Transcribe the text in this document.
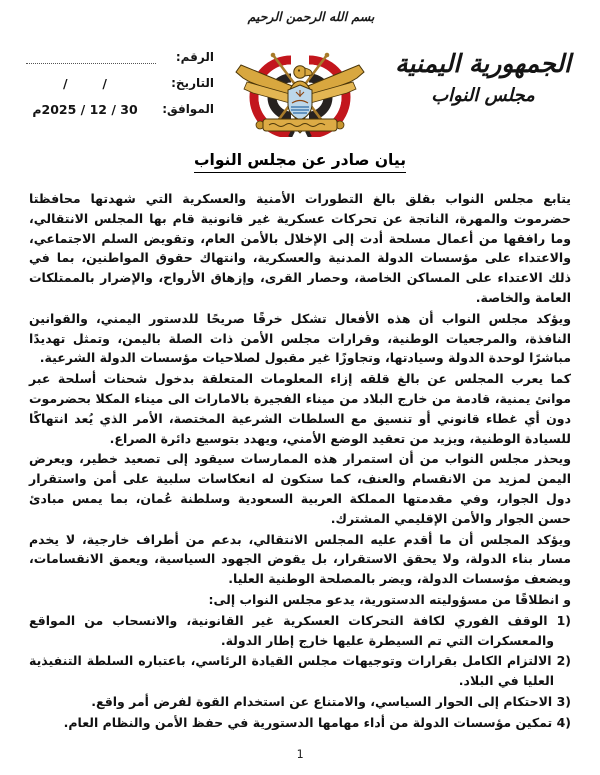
بسم الله الرحمن الرحيم
الجمهورية اليمنية
مجلس النواب
الرقم:
التاريخ:
/        /
الموافق:
30 / 12 / 2025م
بيان صادر عن مجلس النواب

يتابع مجلس النواب بقلق بالغ التطورات الأمنية والعسكرية التي شهدتها محافظتا حضرموت والمهرة، الناتجة عن تحركات عسكرية غير قانونية قام بها المجلس الانتقالي، وما رافقها من أعمال مسلحة أدت إلى الإخلال بالأمن العام، وتقويض السلم الاجتماعي، والاعتداء على مؤسسات الدولة المدنية والعسكرية، وانتهاك حقوق المواطنين، بما في ذلك الاعتداء على المساكن الخاصة، وحصار القرى، وإزهاق الأرواح، والإضرار بالممتلكات العامة والخاصة.

ويؤكد مجلس النواب أن هذه الأفعال تشكل خرقًا صريحًا للدستور اليمني، والقوانين النافذة، والمرجعيات الوطنية، وقرارات مجلس الأمن ذات الصلة باليمن، وتمثل تهديدًا مباشرًا لوحدة الدولة وسيادتها، وتجاوزًا غير مقبول لصلاحيات مؤسسات الدولة الشرعية.

كما يعرب المجلس عن بالغ قلقه إزاء المعلومات المتعلقة بدخول شحنات أسلحة عبر موانئ يمنية، قادمة من خارج البلاد من ميناء الفجيرة بالامارات الى ميناء المكلا بحضرموت دون أي غطاء قانوني أو تنسيق مع السلطات الشرعية المختصة، الأمر الذي يُعد انتهاكًا للسيادة الوطنية، ويزيد من تعقيد الوضع الأمني، ويهدد بتوسيع دائرة الصراع.

ويحذر مجلس النواب من أن استمرار هذه الممارسات سيقود إلى تصعيد خطير، ويعرض اليمن لمزيد من الانقسام والعنف، كما ستكون له انعكاسات سلبية على أمن واستقرار دول الجوار، وفي مقدمتها المملكة العربية السعودية وسلطنة عُمان، بما يمس مبادئ حسن الجوار والأمن الإقليمي المشترك.

ويؤكد المجلس أن ما أقدم عليه المجلس الانتقالي، بدعم من أطراف خارجية، لا يخدم مسار بناء الدولة، ولا يحقق الاستقرار، بل يقوض الجهود السياسية، ويعمق الانقسامات، ويضعف مؤسسات الدولة، ويضر بالمصلحة الوطنية العليا.

و انطلاقًا من مسؤوليته الدستورية، يدعو مجلس النواب إلى:

1) الوقف الفوري لكافة التحركات العسكرية غير القانونية، والانسحاب من المواقع والمعسكرات التي تم السيطرة عليها خارج إطار الدولة.

2) الالتزام الكامل بقرارات وتوجيهات مجلس القيادة الرئاسي، باعتباره السلطة التنفيذية العليا في البلاد.

3) الاحتكام إلى الحوار السياسي، والامتناع عن استخدام القوة لفرض أمر واقع.

4) تمكين مؤسسات الدولة من أداء مهامها الدستورية في حفظ الأمن والنظام العام.

1
